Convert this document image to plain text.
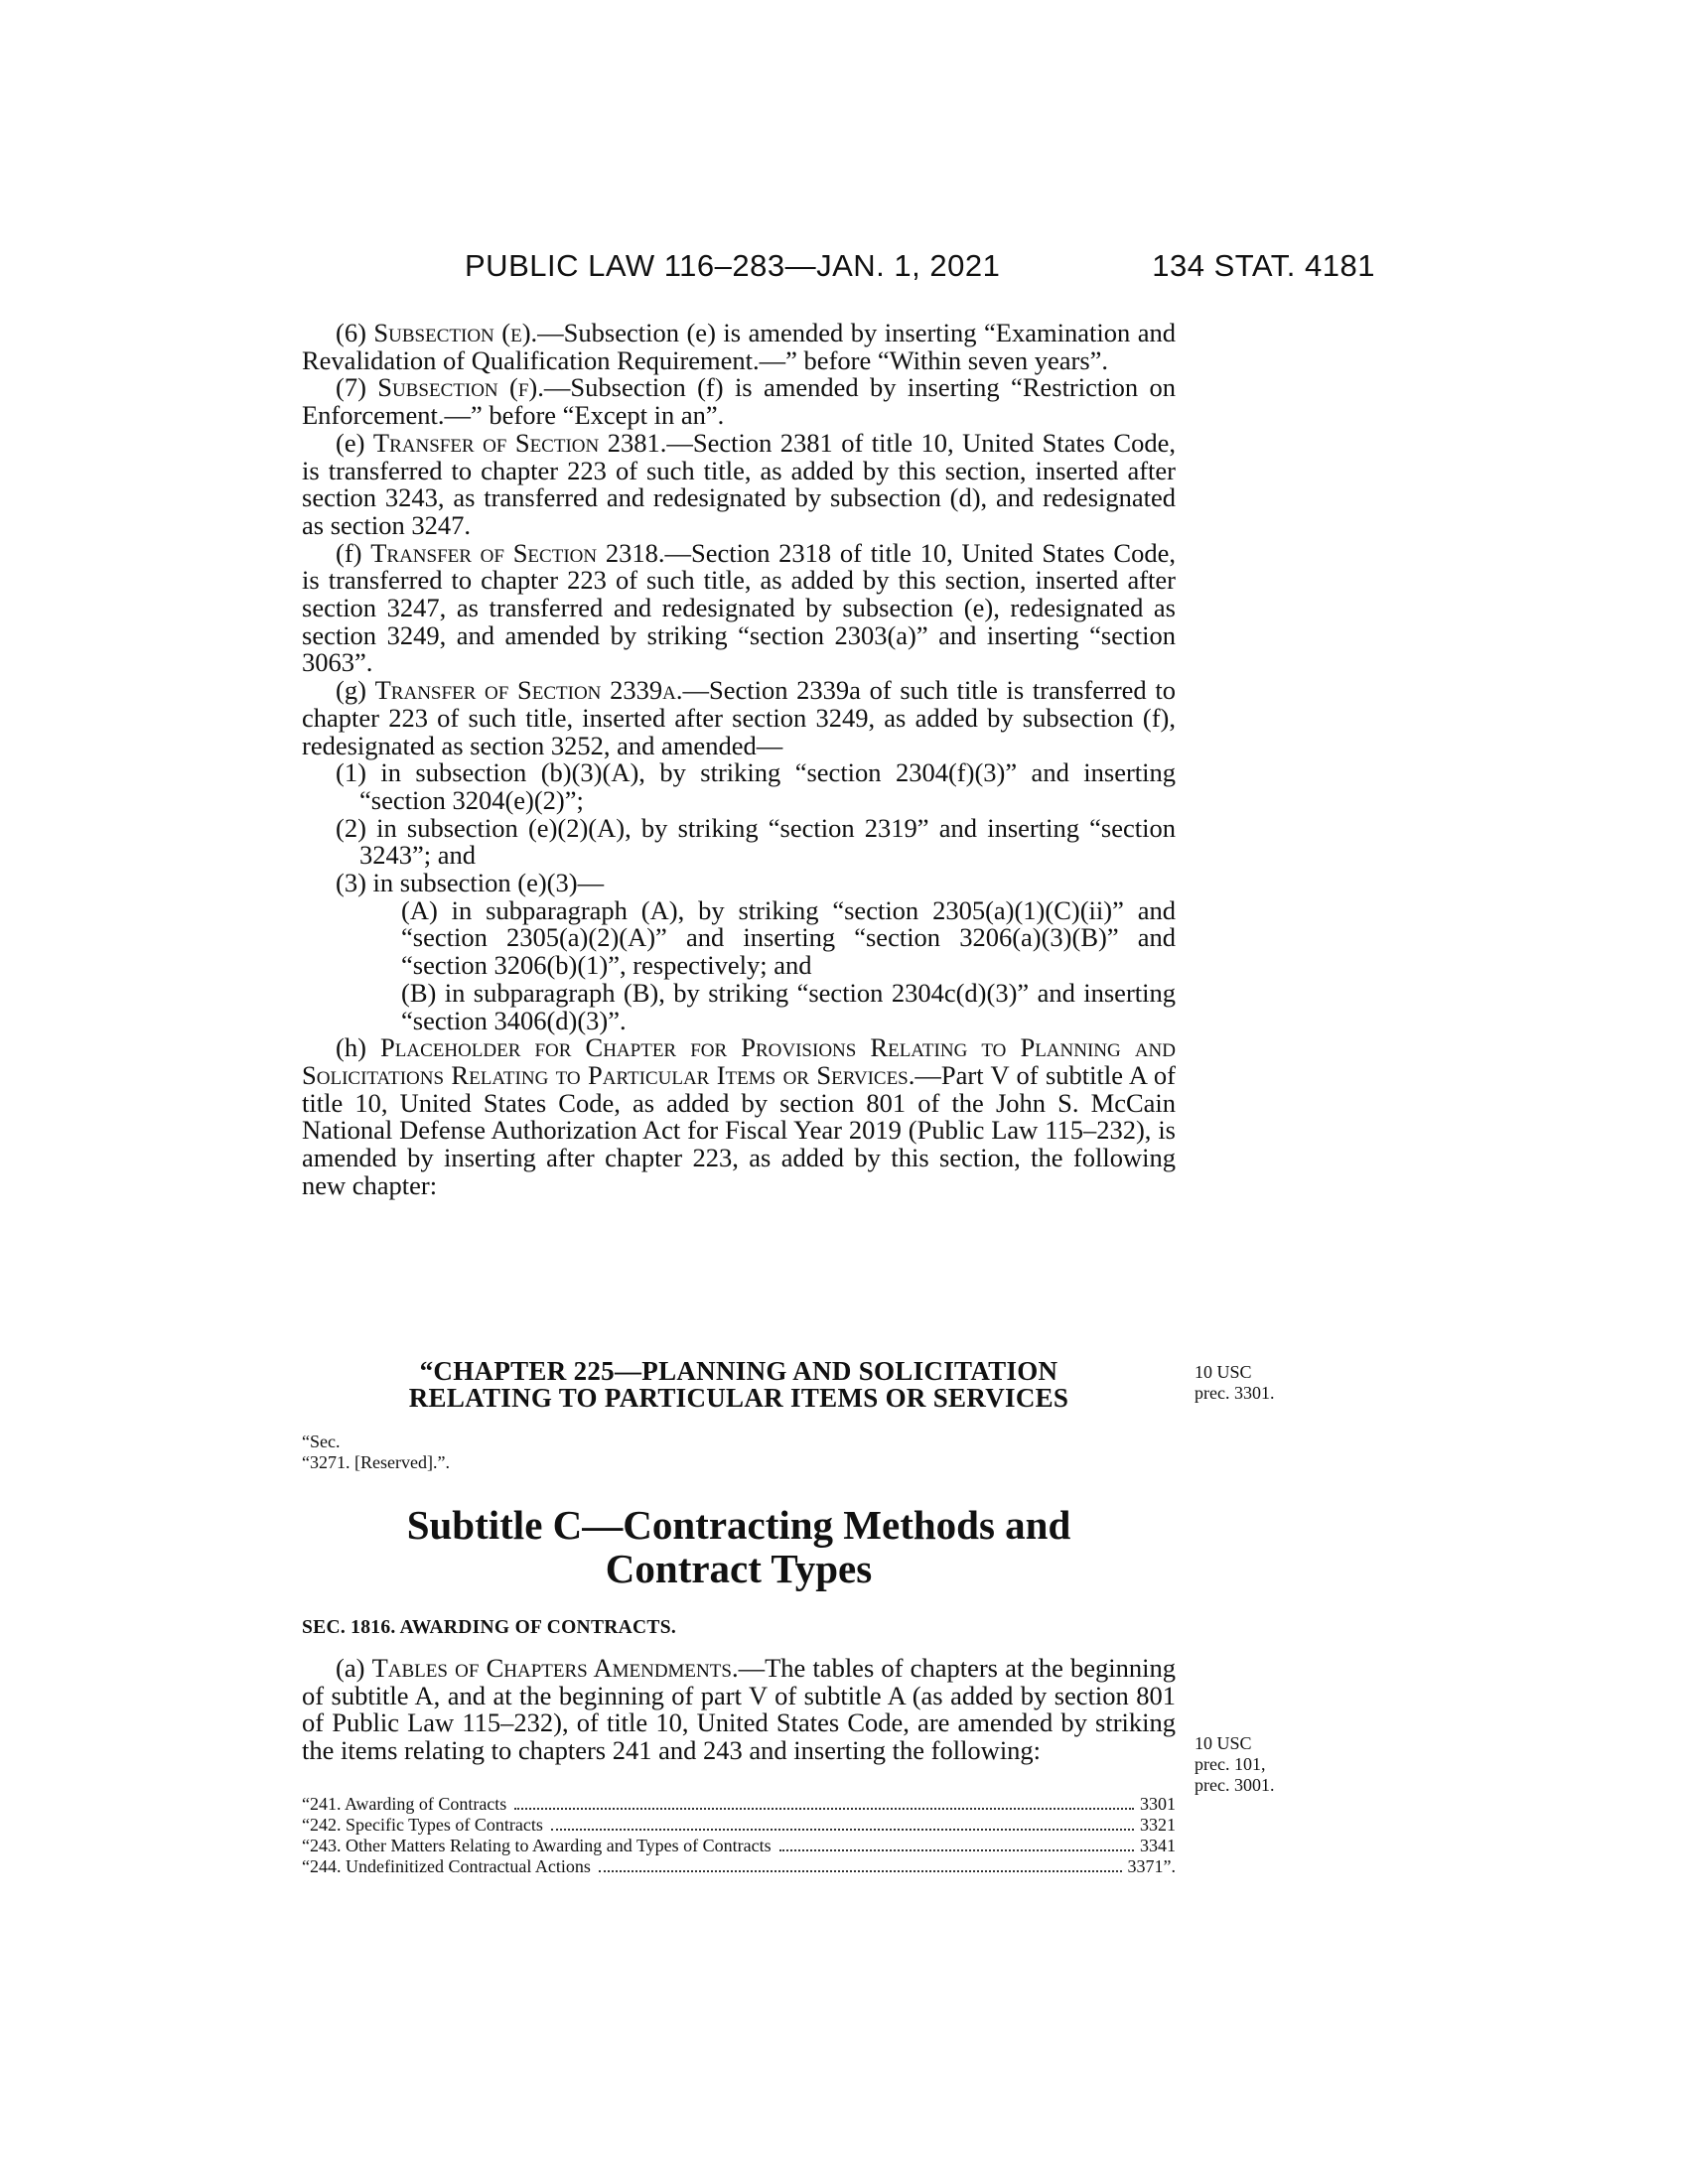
PUBLIC LAW 116–283—JAN. 1, 2021	134 STAT. 4181

(6) Subsection (e).—Subsection (e) is amended by inserting “Examination and Revalidation of Qualification Requirement.—” before “Within seven years”.

(7) Subsection (f).—Subsection (f) is amended by inserting “Restriction on Enforcement.—” before “Except in an”.

(e) Transfer of Section 2381.—Section 2381 of title 10, United States Code, is transferred to chapter 223 of such title, as added by this section, inserted after section 3243, as transferred and redesignated by subsection (d), and redesignated as section 3247.

(f) Transfer of Section 2318.—Section 2318 of title 10, United States Code, is transferred to chapter 223 of such title, as added by this section, inserted after section 3247, as transferred and redesignated by subsection (e), redesignated as section 3249, and amended by striking “section 2303(a)” and inserting “section 3063”.

(g) Transfer of Section 2339a.—Section 2339a of such title is transferred to chapter 223 of such title, inserted after section 3249, as added by subsection (f), redesignated as section 3252, and amended—

(1) in subsection (b)(3)(A), by striking “section 2304(f)(3)” and inserting “section 3204(e)(2)”;

(2) in subsection (e)(2)(A), by striking “section 2319” and inserting “section 3243”; and

(3) in subsection (e)(3)—

(A) in subparagraph (A), by striking “section 2305(a)(1)(C)(ii)” and “section 2305(a)(2)(A)” and inserting “section 3206(a)(3)(B)” and “section 3206(b)(1)”, respectively; and

(B) in subparagraph (B), by striking “section 2304c(d)(3)” and inserting “section 3406(d)(3)”.

(h) Placeholder for Chapter for Provisions Relating to Planning and Solicitations Relating to Particular Items or Services.—Part V of subtitle A of title 10, United States Code, as added by section 801 of the John S. McCain National Defense Authorization Act for Fiscal Year 2019 (Public Law 115–232), is amended by inserting after chapter 223, as added by this section, the following new chapter:

“CHAPTER 225—PLANNING AND SOLICITATION
RELATING TO PARTICULAR ITEMS OR SERVICES
“Sec.
“3271. [Reserved].”.
10 USC
prec. 3301.
Subtitle C—Contracting Methods and
Contract Types
SEC. 1816. AWARDING OF CONTRACTS.

(a) Tables of Chapters Amendments.—The tables of chapters at the beginning of subtitle A, and at the beginning of part V of subtitle A (as added by section 801 of Public Law 115–232), of title 10, United States Code, are amended by striking the items relating to chapters 241 and 243 and inserting the following:	10 USC
prec. 101,
prec. 3001.
“241. Awarding of Contracts	3301
“242. Specific Types of Contracts	3321
“243. Other Matters Relating to Awarding and Types of Contracts	3341
“244. Undefinitized Contractual Actions	3371”.
